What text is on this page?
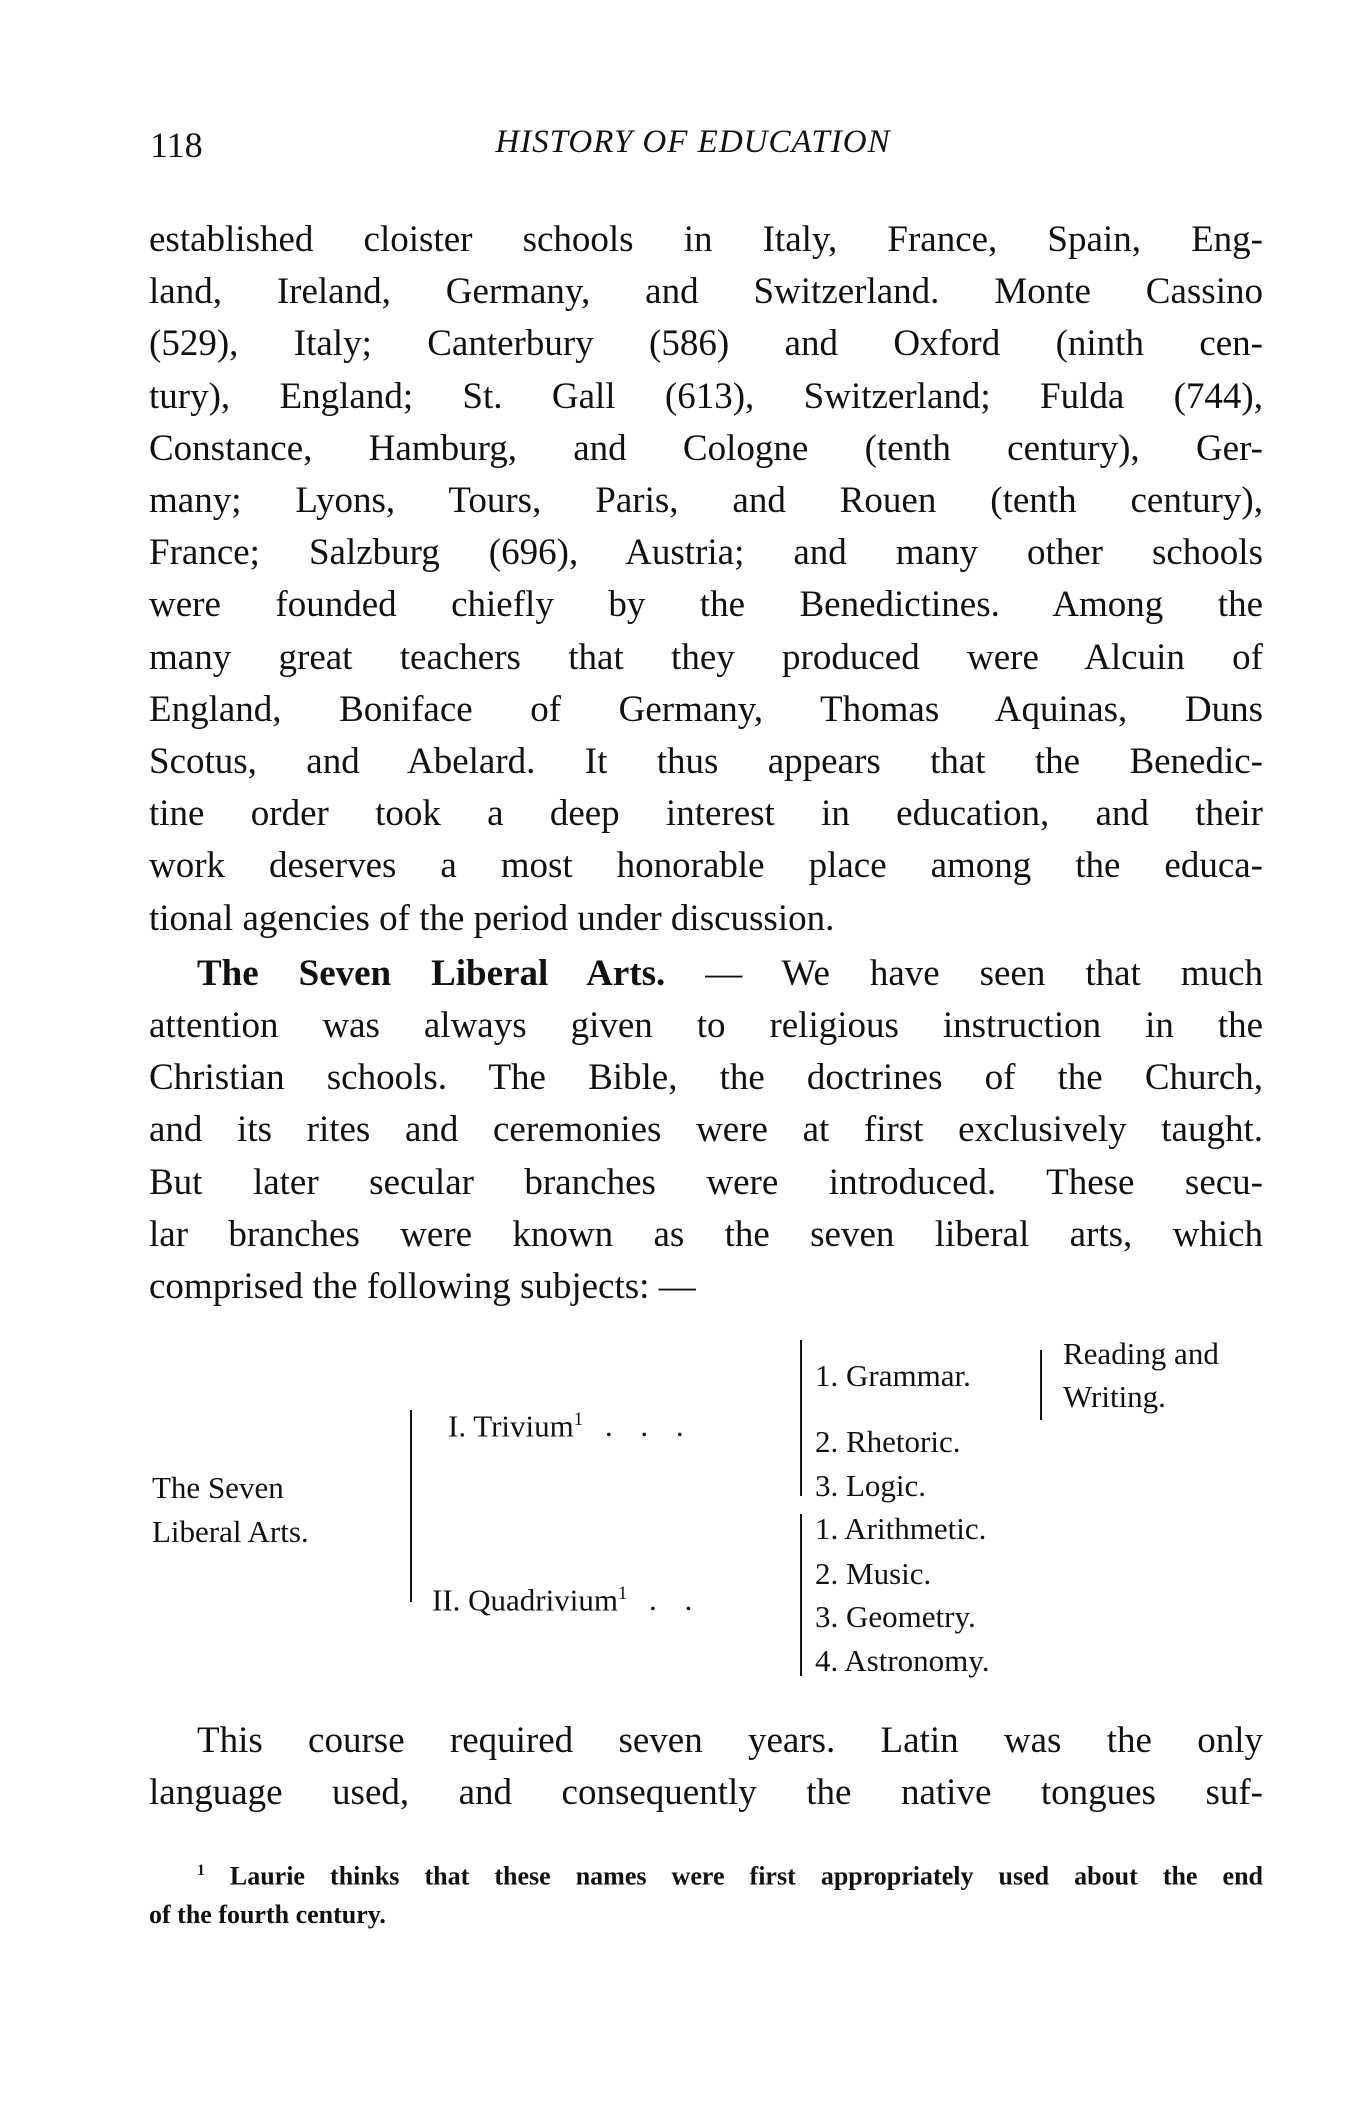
118	HISTORY OF EDUCATION
established cloister schools in Italy, France, Spain, Eng-
land, Ireland, Germany, and Switzerland. Monte Cassino
(529), Italy; Canterbury (586) and Oxford (ninth cen-
tury), England; St. Gall (613), Switzerland; Fulda (744),
Constance, Hamburg, and Cologne (tenth century), Ger-
many; Lyons, Tours, Paris, and Rouen (tenth century),
France; Salzburg (696), Austria; and many other schools
were founded chiefly by the Benedictines. Among the
many great teachers that they produced were Alcuin of
England, Boniface of Germany, Thomas Aquinas, Duns
Scotus, and Abelard. It thus appears that the Benedic-
tine order took a deep interest in education, and their
work deserves a most honorable place among the educa-
tional agencies of the period under discussion.
The Seven Liberal Arts. — We have seen that much
attention was always given to religious instruction in the
Christian schools. The Bible, the doctrines of the Church,
and its rites and ceremonies were at first exclusively taught.
But later secular branches were introduced. These secu-
lar branches were known as the seven liberal arts, which
comprised the following subjects: —
The Seven
Liberal Arts.
I. Trivium$^1$ . . .
II. Quadrivium$^1$ . .
1. Grammar.
2. Rhetoric.
3. Logic.
Reading and
Writing.
1. Arithmetic.
2. Music.
3. Geometry.
4. Astronomy.
This course required seven years. Latin was the only
language used, and consequently the native tongues suf-
$^1$ Laurie thinks that these names were first appropriately used about the end
of the fourth century.
